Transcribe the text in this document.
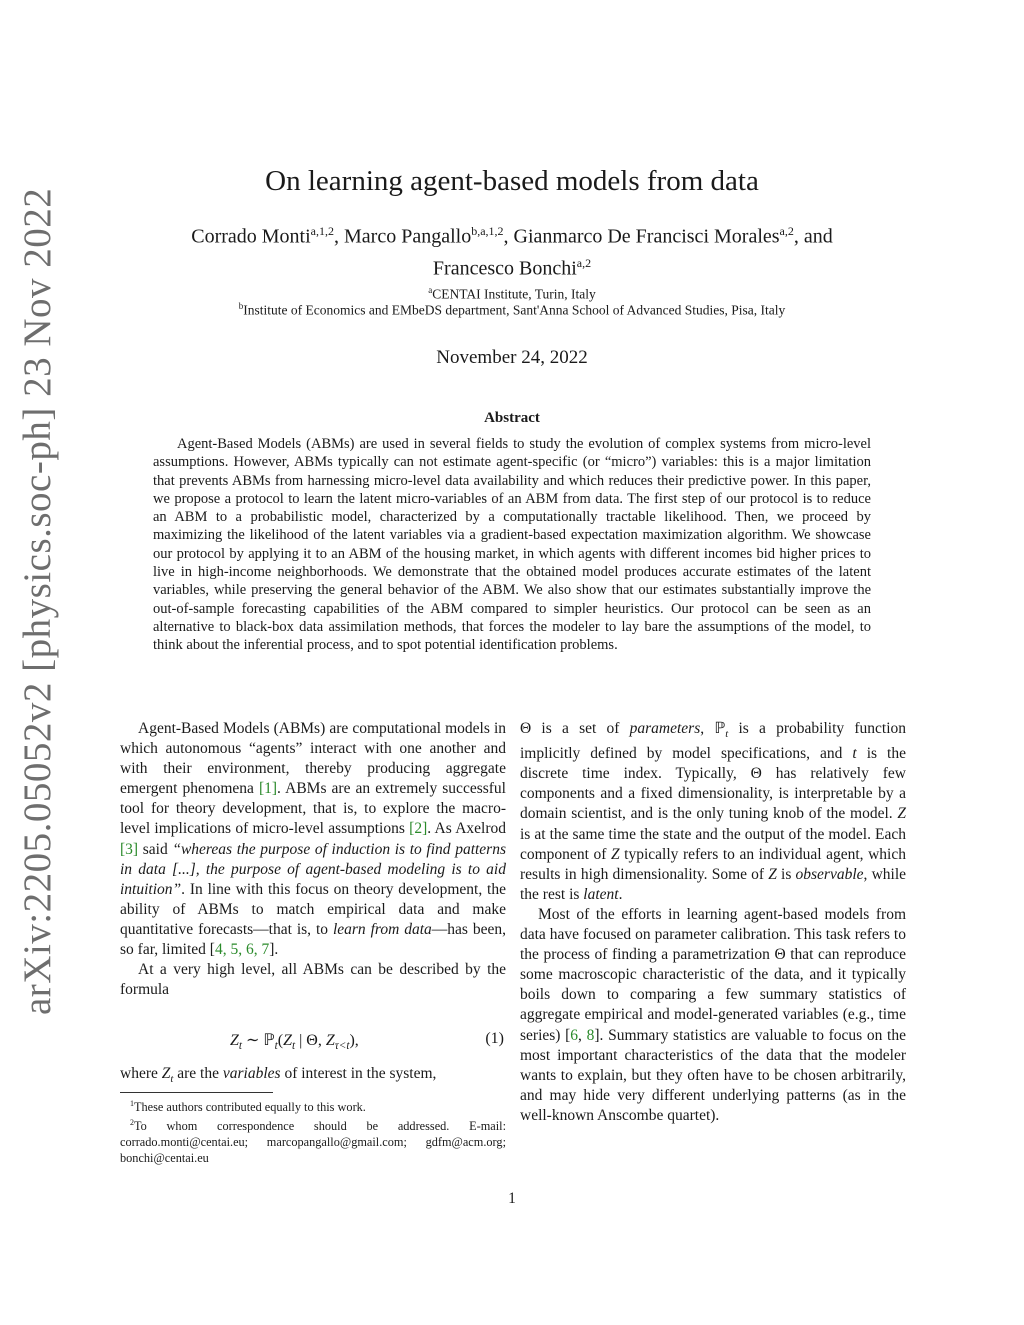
arXiv:2205.05052v2 [physics.soc-ph] 23 Nov 2022
On learning agent-based models from data
Corrado Monti$^{a,1,2}$, Marco Pangallo$^{b,a,1,2}$, Gianmarco De Francisci Morales$^{a,2}$, and
Francesco Bonchi$^{a,2}$
$^a$CENTAI Institute, Turin, Italy
$^b$Institute of Economics and EMbeDS department, Sant'Anna School of Advanced Studies, Pisa, Italy
November 24, 2022
Abstract

Agent-Based Models (ABMs) are used in several fields to study the evolution of complex systems from micro-level assumptions. However, ABMs typically can not estimate agent-specific (or “micro”) variables: this is a major limitation that prevents ABMs from harnessing micro-level data availability and which reduces their predictive power. In this paper, we propose a protocol to learn the latent micro-variables of an ABM from data. The first step of our protocol is to reduce an ABM to a probabilistic model, characterized by a computationally tractable likelihood. Then, we proceed by maximizing the likelihood of the latent variables via a gradient-based expectation maximization algorithm. We showcase our protocol by applying it to an ABM of the housing market, in which agents with different incomes bid higher prices to live in high-income neighborhoods. We demonstrate that the obtained model produces accurate estimates of the latent variables, while preserving the general behavior of the ABM. We also show that our estimates substantially improve the out-of-sample forecasting capabilities of the ABM compared to simpler heuristics. Our protocol can be seen as an alternative to black-box data assimilation methods, that forces the modeler to lay bare the assumptions of the model, to think about the inferential process, and to spot potential identification problems.

Agent-Based Models (ABMs) are computational models in which autonomous “agents” interact with one another and with their environment, thereby producing aggregate emergent phenomena [1]. ABMs are an extremely successful tool for theory development, that is, to explore the macro-level implications of micro-level assumptions [2]. As Axelrod [3] said “whereas the purpose of induction is to find patterns in data [...], the purpose of agent-based modeling is to aid intuition”. In line with this focus on theory development, the ability of ABMs to match empirical data and make quantitative forecasts—that is, to learn from data—has been, so far, limited [4, 5, 6, 7].

At a very high level, all ABMs can be described by the formula

$Z_t$ ∼ $ℙ_t(Z_t$ | Θ, $Z_{\tau<t}$),	(1)
where $Z_t$ are the variables of interest in the system,

$^1$These authors contributed equally to this work.

$^2$To whom correspondence should be addressed. E-mail: corrado.monti@centai.eu; marcopangallo@gmail.com; gdfm@acm.org; bonchi@centai.eu

Θ is a set of parameters, ℙ$_t$ is a probability function implicitly defined by model specifications, and t is the discrete time index. Typically, Θ has relatively few components and a fixed dimensionality, is interpretable by a domain scientist, and is the only tuning knob of the model. Z is at the same time the state and the output of the model. Each component of Z typically refers to an individual agent, which results in high dimensionality. Some of Z is observable, while the rest is latent.

Most of the efforts in learning agent-based models from data have focused on parameter calibration. This task refers to the process of finding a parametrization Θ that can reproduce some macroscopic characteristic of the data, and it typically boils down to comparing a few summary statistics of aggregate empirical and model-generated variables (e.g., time series) [6, 8]. Summary statistics are valuable to focus on the most important characteristics of the data that the modeler wants to explain, but they often have to be chosen arbitrarily, and may hide very different underlying patterns (as in the well-known Anscombe quartet).

1
